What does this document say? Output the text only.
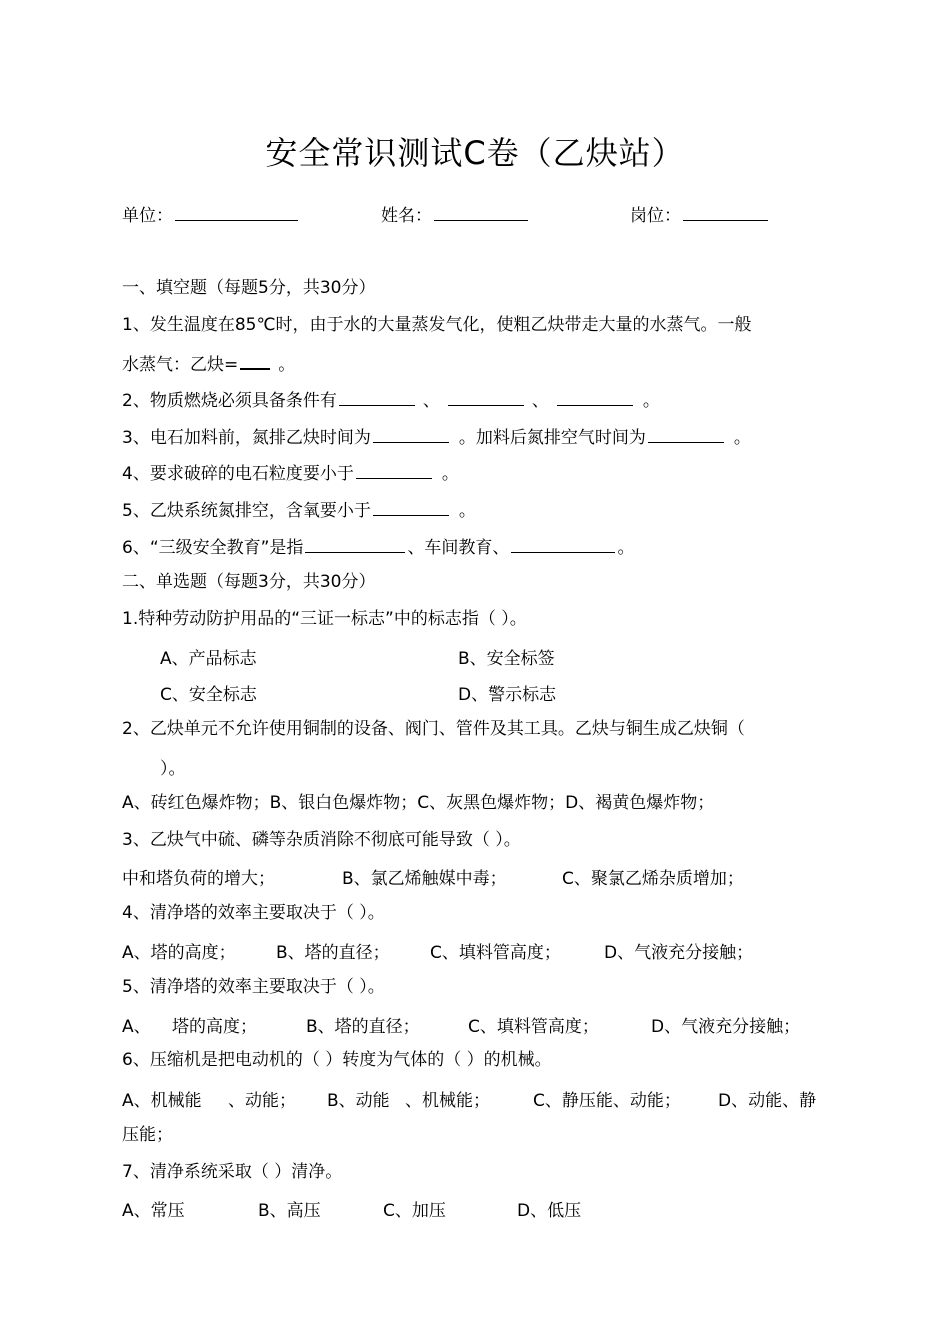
安全常识测试C卷（乙炔站）
单位：	姓名：	岗位：
一、填空题（每题5分，共30分）
1、发生温度在85℃时，由于水的大量蒸发气化，使粗乙炔带走大量的水蒸气。一般
水蒸气：乙炔= 。
2、物质燃烧必须具备条件有	、	、	。
3、电石加料前，氮排乙炔时间为	。加料后氮排空气时间为	。
4、要求破碎的电石粒度要小于	。
5、乙炔系统氮排空，含氧要小于	。
6、“三级安全教育”是指	、车间教育、	。
二、单选题（每题3分，共30分）
1.特种劳动防护用品的“三证一标志”中的标志指（ ）。
A、产品标志	B、安全标签
C、安全标志	D、警示标志
2、乙炔单元不允许使用铜制的设备、阀门、管件及其工具。乙炔与铜生成乙炔铜（
）。
A、砖红色爆炸物；B、银白色爆炸物；C、灰黑色爆炸物；D、褐黄色爆炸物；
3、乙炔气中硫、磷等杂质消除不彻底可能导致（ ）。
中和塔负荷的增大；	B、氯乙烯触媒中毒；	C、聚氯乙烯杂质增加；
4、清净塔的效率主要取决于（ ）。
A、塔的高度； B、塔的直径； C、填料管高度；	D、气液充分接触；
5、清净塔的效率主要取决于（ ）。
A、 塔的高度；	B、塔的直径；	C、填料管高度；	D、气液充分接触；
6、压缩机是把电动机的（ ）转度为气体的（ ）的机械。
A、机械能 、动能； B、动能 、机械能；	C、静压能、动能； D、动能、静
压能；
7、清净系统采取（ ）清净。
A、常压	B、高压	C、加压	D、低压
